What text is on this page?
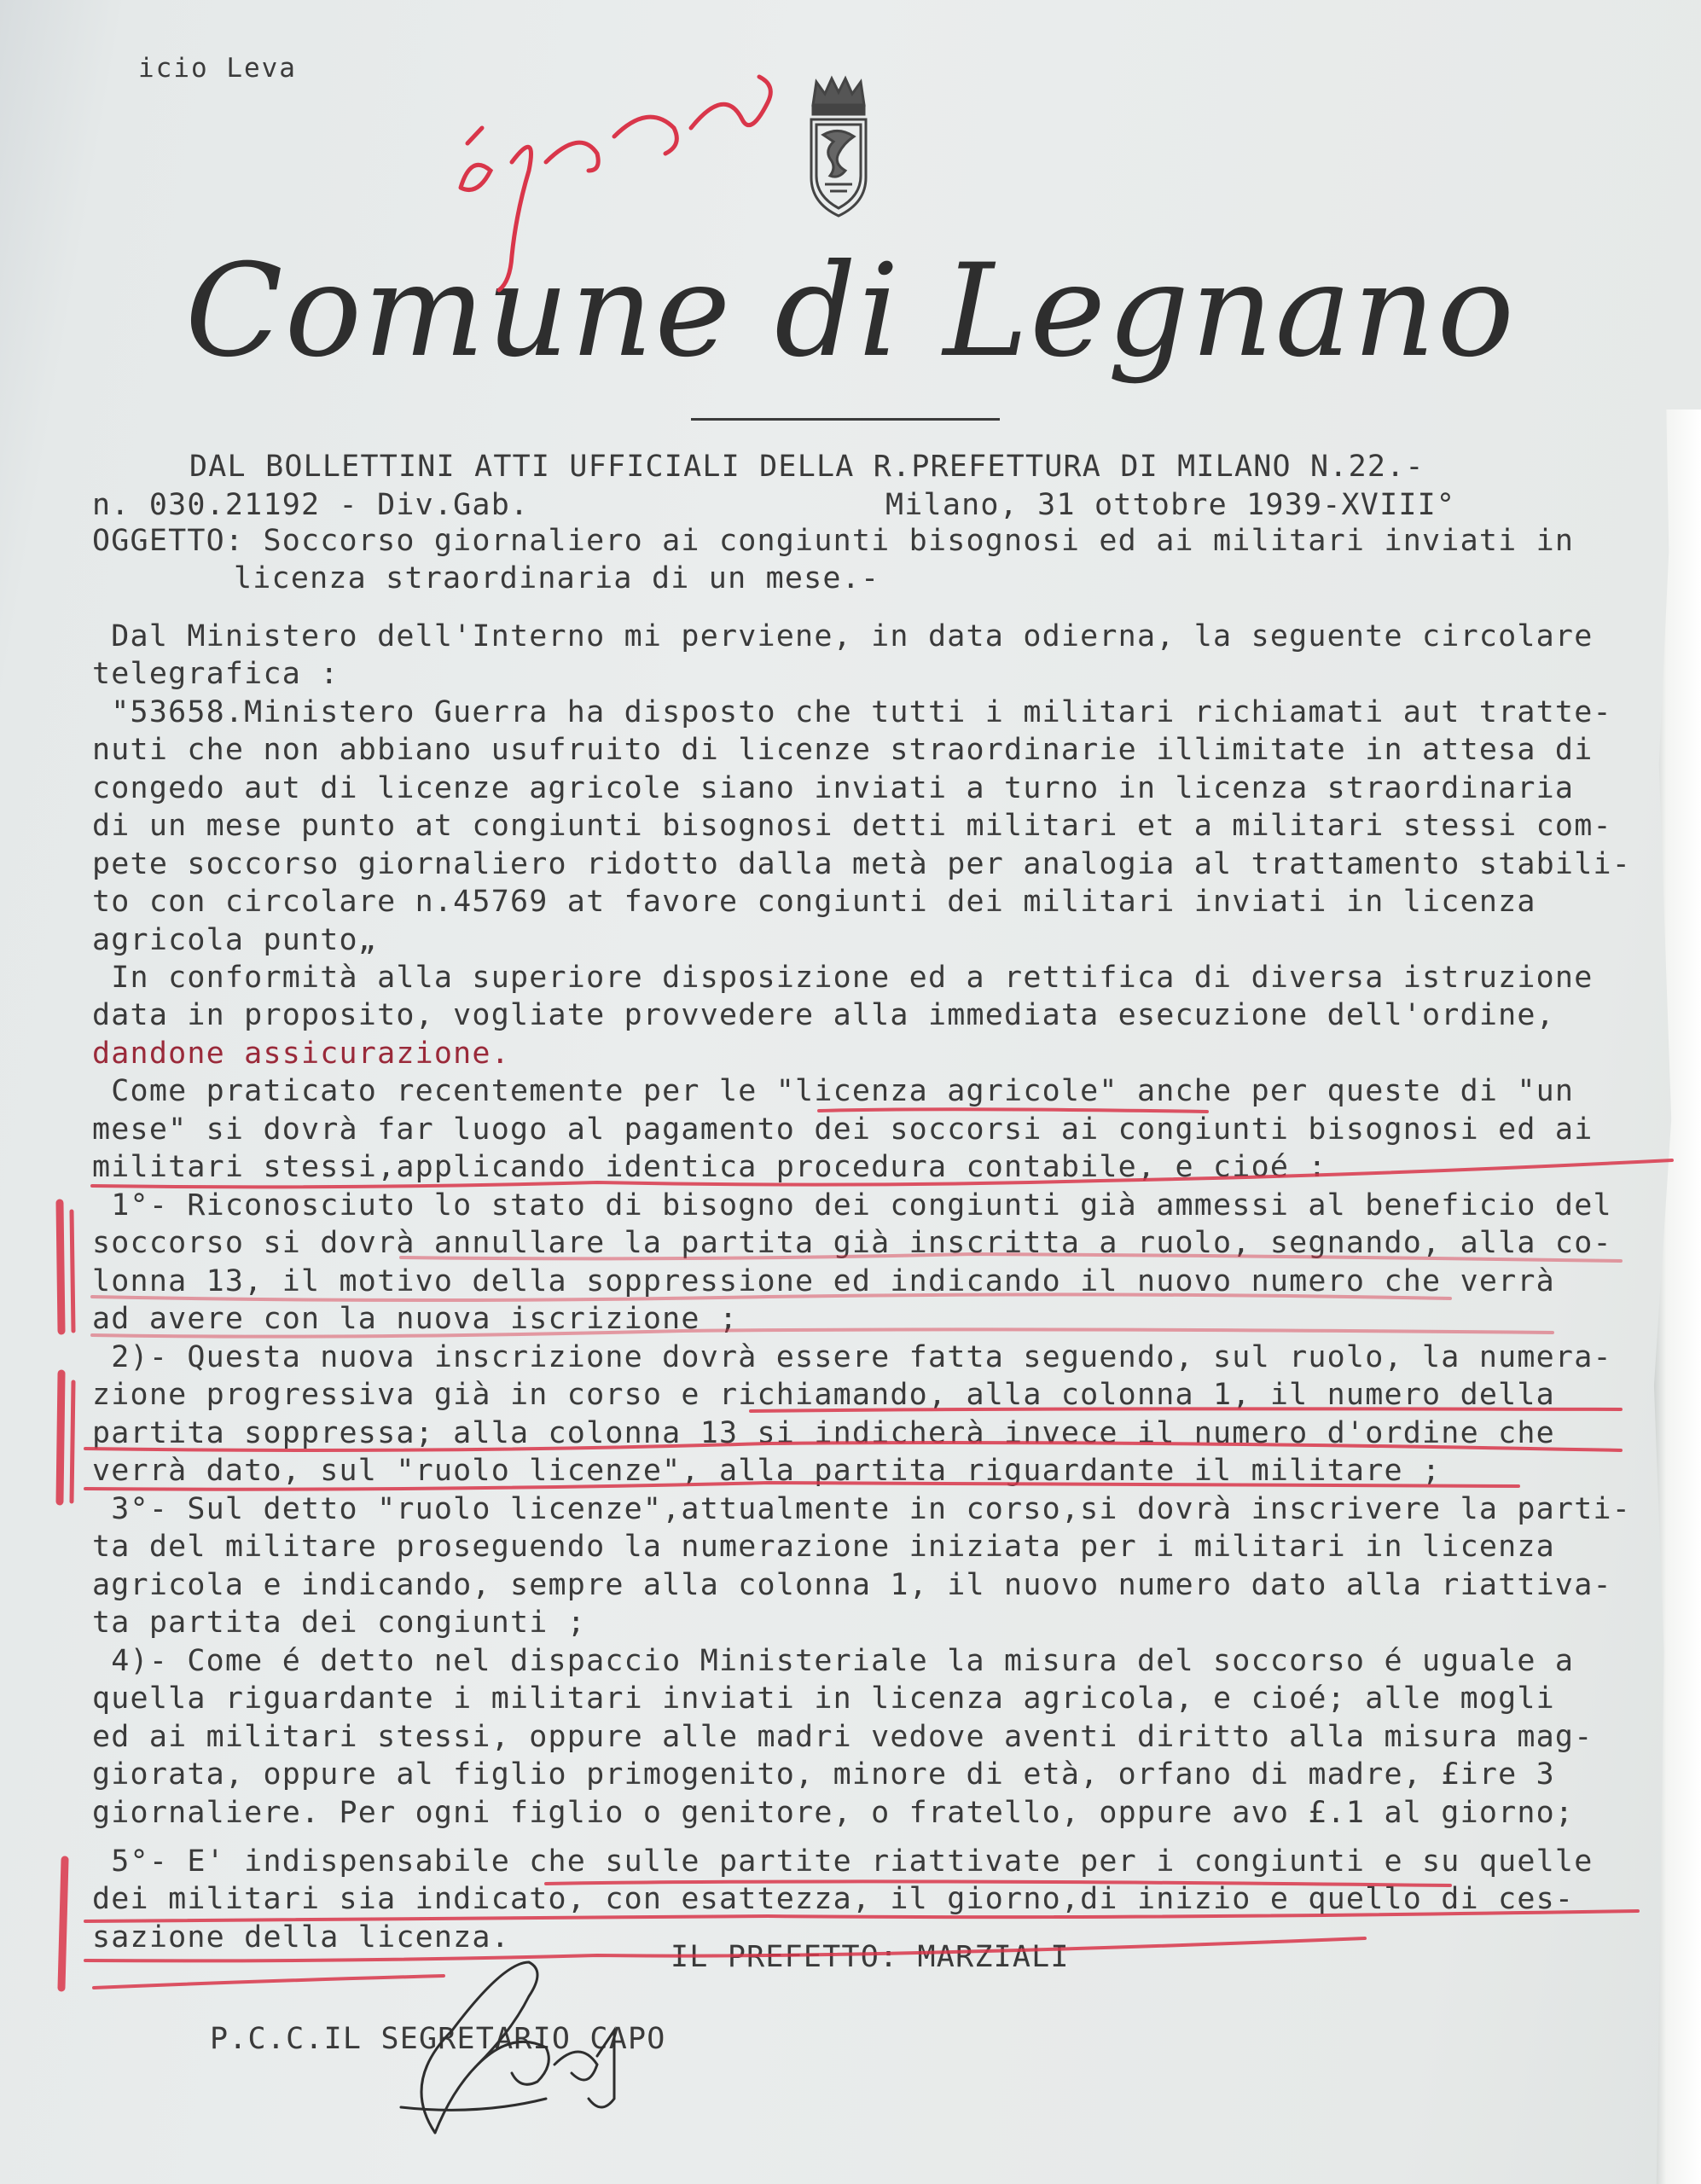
icio Leva
Comune di Legnano
DAL BOLLETTINI ATTI UFFICIALI DELLA R.PREFETTURA DI MILANO N.22.-
n. 030.21192 - Div.Gab.	Milano, 31 ottobre 1939-XVIII°
OGGETTO: Soccorso giornaliero ai congiunti bisognosi ed ai militari inviati in
licenza straordinaria di un mese.-
Dal Ministero dell'Interno mi perviene, in data odierna, la seguente circolare
telegrafica :
"53658.Ministero Guerra ha disposto che tutti i militari richiamati aut tratte-
nuti che non abbiano usufruito di licenze straordinarie illimitate in attesa di
congedo aut di licenze agricole siano inviati a turno in licenza straordinaria
di un mese punto at congiunti bisognosi detti militari et a militari stessi com-
pete soccorso giornaliero ridotto dalla metà per analogia al trattamento stabili-
to con circolare n.45769 at favore congiunti dei militari inviati in licenza
agricola punto„
In conformità alla superiore disposizione ed a rettifica di diversa istruzione
data in proposito, vogliate provvedere alla immediata esecuzione dell'ordine,
dandone assicurazione.
Come praticato recentemente per le "licenza agricole" anche per queste di "un
mese" si dovrà far luogo al pagamento dei soccorsi ai congiunti bisognosi ed ai
militari stessi,applicando identica procedura contabile, e cioé :
1°- Riconosciuto lo stato di bisogno dei congiunti già ammessi al beneficio del
soccorso si dovrà annullare la partita già inscritta a ruolo, segnando, alla co-
lonna 13, il motivo della soppressione ed indicando il nuovo numero che verrà
ad avere con la nuova iscrizione ;
2)- Questa nuova inscrizione dovrà essere fatta seguendo, sul ruolo, la numera-
zione progressiva già in corso e richiamando, alla colonna 1, il numero della
partita soppressa; alla colonna 13 si indicherà invece il numero d'ordine che
verrà dato, sul "ruolo licenze", alla partita riguardante il militare ;
3°- Sul detto "ruolo licenze",attualmente in corso,si dovrà inscrivere la parti-
ta del militare proseguendo la numerazione iniziata per i militari in licenza
agricola e indicando, sempre alla colonna 1, il nuovo numero dato alla riattiva-
ta partita dei congiunti ;
4)- Come é detto nel dispaccio Ministeriale la misura del soccorso é uguale a
quella riguardante i militari inviati in licenza agricola, e cioé; alle mogli
ed ai militari stessi, oppure alle madri vedove aventi diritto alla misura mag-
giorata, oppure al figlio primogenito, minore di età, orfano di madre, £ire 3
giornaliere. Per ogni figlio o genitore, o fratello, oppure avo £.1 al giorno;
5°- E' indispensabile che sulle partite riattivate per i congiunti e su quelle
dei militari sia indicato, con esattezza, il giorno,di inizio e quello di ces-
sazione della licenza.
IL PREFETTO: MARZIALI
P.C.C.IL SEGRETARIO CAPO
